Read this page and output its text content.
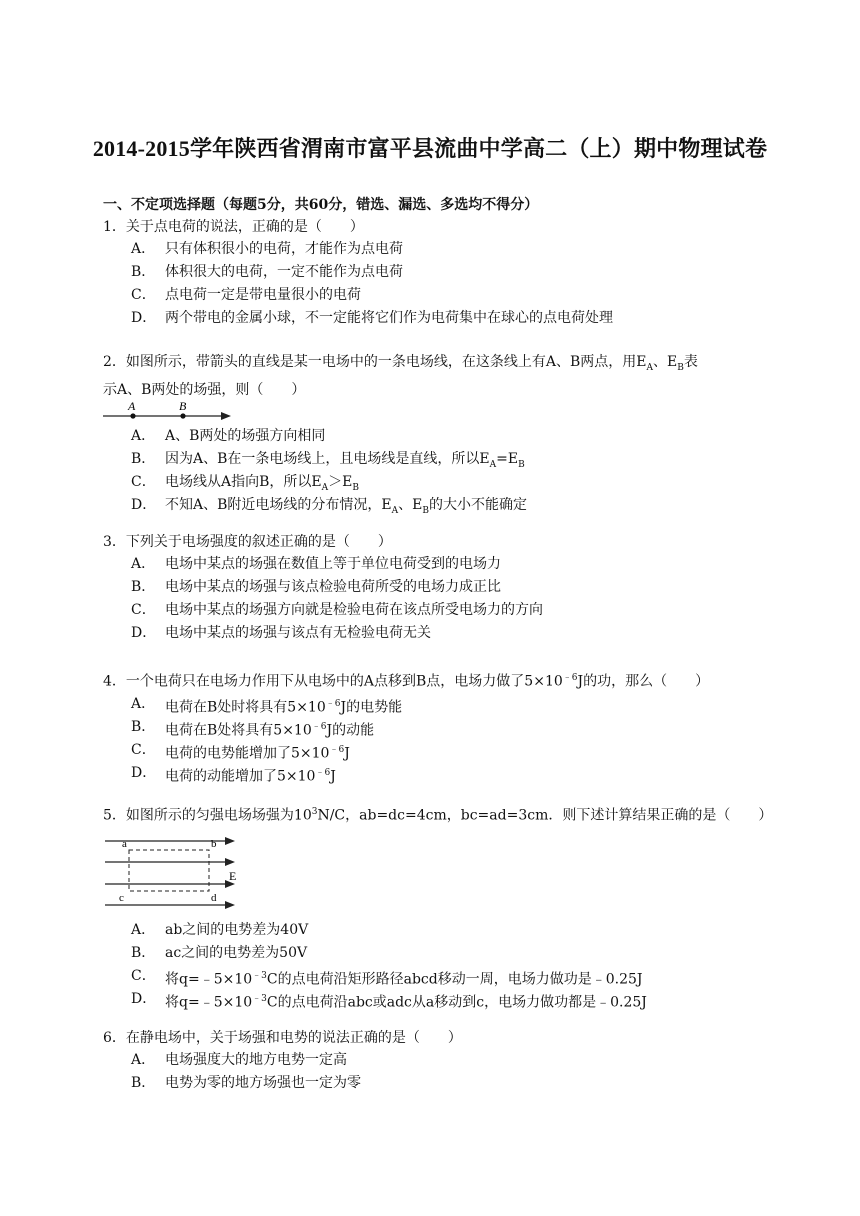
2014-2015学年陕西省渭南市富平县流曲中学高二（上）期中物理试卷
一、不定项选择题（每题5分，共60分，错选、漏选、多选均不得分）
1．关于点电荷的说法，正确的是（　　）
A． 只有体积很小的电荷，才能作为点电荷
B． 体积很大的电荷，一定不能作为点电荷
C． 点电荷一定是带电量很小的电荷
D． 两个带电的金属小球，不一定能将它们作为电荷集中在球心的点电荷处理
2．如图所示，带箭头的直线是某一电场中的一条电场线，在这条线上有A、B两点，用$E_A$、$E_B$表
示A、B两处的场强，则（　　）
A	B
A． A、B两处的场强方向相同
B． 因为A、B在一条电场线上，且电场线是直线，所以$E_A=E_B$
C． 电场线从A指向B，所以$E_A>E_B$
D． 不知A、B附近电场线的分布情况，$E_A$、$E_B$的大小不能确定
3．下列关于电场强度的叙述正确的是（　　）
A． 电场中某点的场强在数值上等于单位电荷受到的电场力
B． 电场中某点的场强与该点检验电荷所受的电场力成正比
C． 电场中某点的场强方向就是检验电荷在该点所受电场力的方向
D． 电场中某点的场强与该点有无检验电荷无关
4．一个电荷只在电场力作用下从电场中的A点移到B点，电场力做了$5\times 10^{﹣6}J$的功，那么（　　）
A． 电荷在B处时将具有$5\times 10^{﹣6}J$的电势能
B． 电荷在B处将具有$5\times 10^{﹣6}J$的动能
C． 电荷的电势能增加了$5\times 10^{﹣6}J$
D． 电荷的动能增加了$5\times 10^{﹣6}J$
5．如图所示的匀强电场场强为$10^3N/C$，ab=dc=4cm，bc=ad=3cm．则下述计算结果正确的是（　　）
a	b
c	d
E
A． ab之间的电势差为40V
B． ac之间的电势差为50V
C． 将$q=﹣5\times 10^{﹣3}C$的点电荷沿矩形路径abcd移动一周，电场力做功是﹣0.25J
D． 将$q=﹣5\times 10^{﹣3}C$的点电荷沿abc或adc从a移动到c，电场力做功都是﹣0.25J
6．在静电场中，关于场强和电势的说法正确的是（　　）
A． 电场强度大的地方电势一定高
B． 电势为零的地方场强也一定为零
